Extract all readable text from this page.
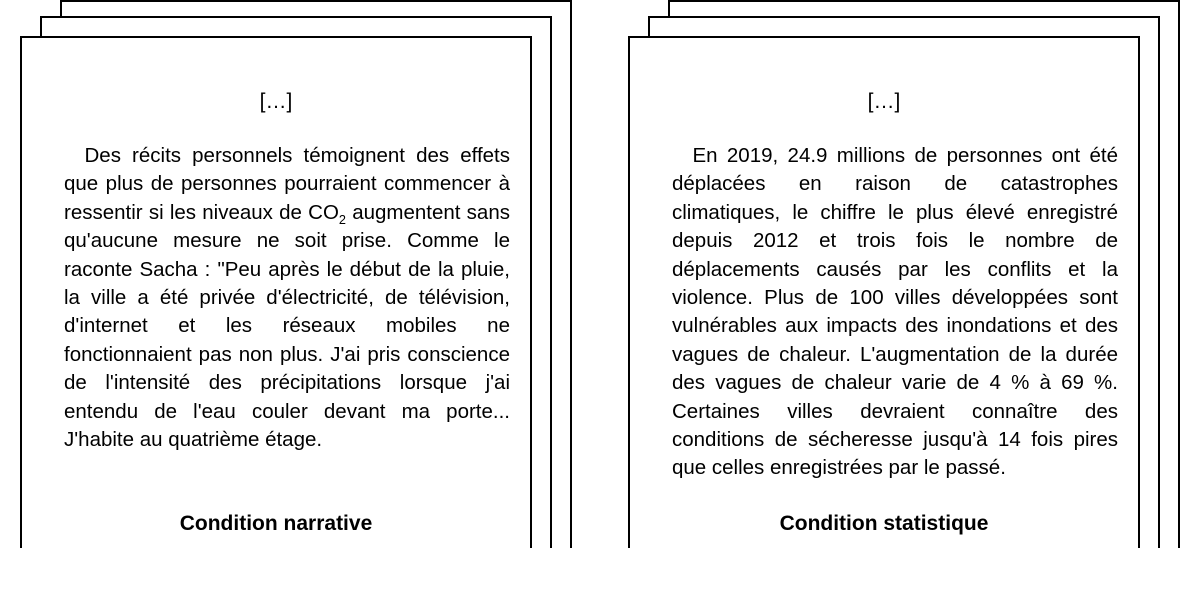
[…]

 Des récits personnels témoignent des effets que plus de personnes pourraient commencer à ressentir si les niveaux de $CO_2$ augmentent sans qu'aucune mesure ne soit prise. Comme le raconte Sacha : "Peu après le début de la pluie, la ville a été privée d'électricité, de télévision, d'internet et les réseaux mobiles ne fonctionnaient pas non plus. J'ai pris conscience de l'intensité des précipitations lorsque j'ai entendu de l'eau couler devant ma porte... J'habite au quatrième étage.

Condition narrative
[…]

 En 2019, 24.9 millions de personnes ont été déplacées en raison de catastrophes climatiques, le chiffre le plus élevé enregistré depuis 2012 et trois fois le nombre de déplacements causés par les conflits et la violence. Plus de 100 villes développées sont vulnérables aux impacts des inondations et des vagues de chaleur. L'augmentation de la durée des vagues de chaleur varie de 4 % à 69 %. Certaines villes devraient connaître des conditions de sécheresse jusqu'à 14 fois pires que celles enregistrées par le passé.

Condition statistique
